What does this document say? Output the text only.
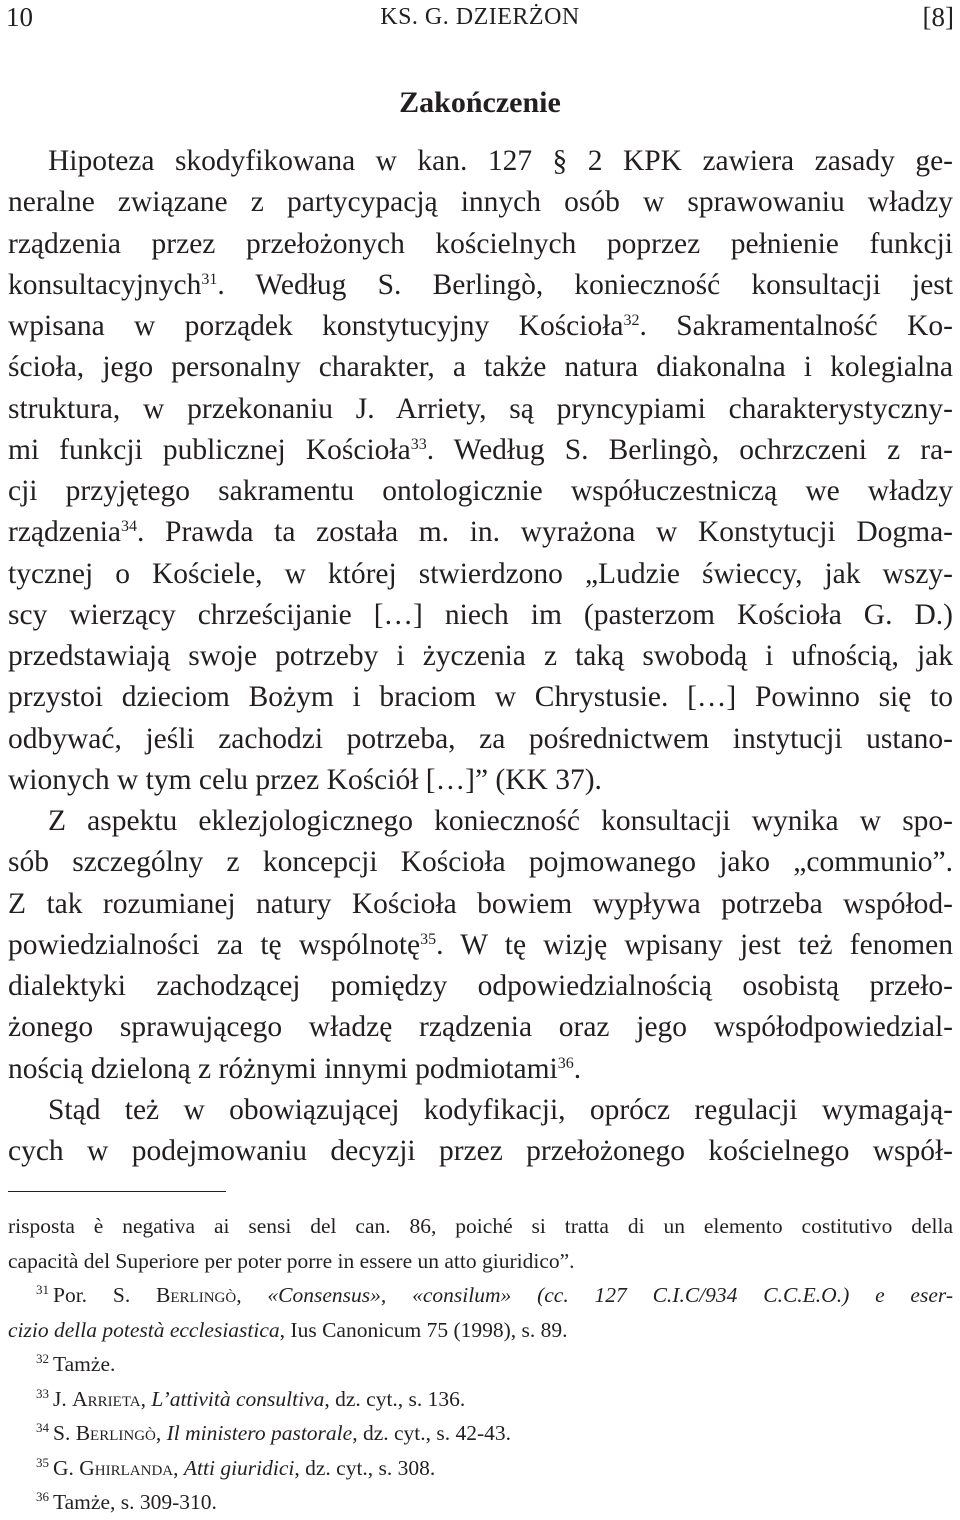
10	KS. G. DZIERŻON	[8]
Zakończenie
Hipoteza skodyfikowana w kan. 127 § 2 KPK zawiera zasady ge-
neralne związane z partycypacją innych osób w sprawowaniu władzy
rządzenia przez przełożonych kościelnych poprzez pełnienie funkcji
konsultacyjnych$^{31}$. Według S. Berlingò, konieczność konsultacji jest
wpisana w porządek konstytucyjny Kościoła$^{32}$. Sakramentalność Ko-
ścioła, jego personalny charakter, a także natura diakonalna i kolegialna
struktura, w przekonaniu J. Arriety, są pryncypiami charakterystyczny-
mi funkcji publicznej Kościoła$^{33}$. Według S. Berlingò, ochrzczeni z ra-
cji przyjętego sakramentu ontologicznie współuczestniczą we władzy
rządzenia$^{34}$. Prawda ta została m. in. wyrażona w Konstytucji Dogma-
tycznej o Kościele, w której stwierdzono „Ludzie świeccy, jak wszy-
scy wierzący chrześcijanie […] niech im (pasterzom Kościoła G. D.)
przedstawiają swoje potrzeby i życzenia z taką swobodą i ufnością, jak
przystoi dzieciom Bożym i braciom w Chrystusie. […] Powinno się to
odbywać, jeśli zachodzi potrzeba, za pośrednictwem instytucji ustano-
wionych w tym celu przez Kościół […]” (KK 37).
Z aspektu eklezjologicznego konieczność konsultacji wynika w spo-
sób szczególny z koncepcji Kościoła pojmowanego jako „communio”.
Z tak rozumianej natury Kościoła bowiem wypływa potrzeba współod-
powiedzialności za tę wspólnotę$^{35}$. W tę wizję wpisany jest też fenomen
dialektyki zachodzącej pomiędzy odpowiedzialnością osobistą przeło-
żonego sprawującego władzę rządzenia oraz jego współodpowiedzial-
nością dzieloną z różnymi innymi podmiotami$^{36}$.
Stąd też w obowiązującej kodyfikacji, oprócz regulacji wymagają-
cych w podejmowaniu decyzji przez przełożonego kościelnego współ-
risposta è negativa ai sensi del can. 86, poiché si tratta di un elemento costitutivo della
capacità del Superiore per poter porre in essere un atto giuridico”.
$^{31}$ Por. S. Berlingò, «Consensus», «consilum» (cc. 127 C.I.C/934 C.C.E.O.) e eser-
cizio della potestà ecclesiastica, Ius Canonicum 75 (1998), s. 89.
$^{32}$ Tamże.
$^{33}$ J. Arrieta, L’attività consultiva, dz. cyt., s. 136.
$^{34}$ S. Berlingò, Il ministero pastorale, dz. cyt., s. 42-43.
$^{35}$ G. Ghirlanda, Atti giuridici, dz. cyt., s. 308.
$^{36}$ Tamże, s. 309-310.
